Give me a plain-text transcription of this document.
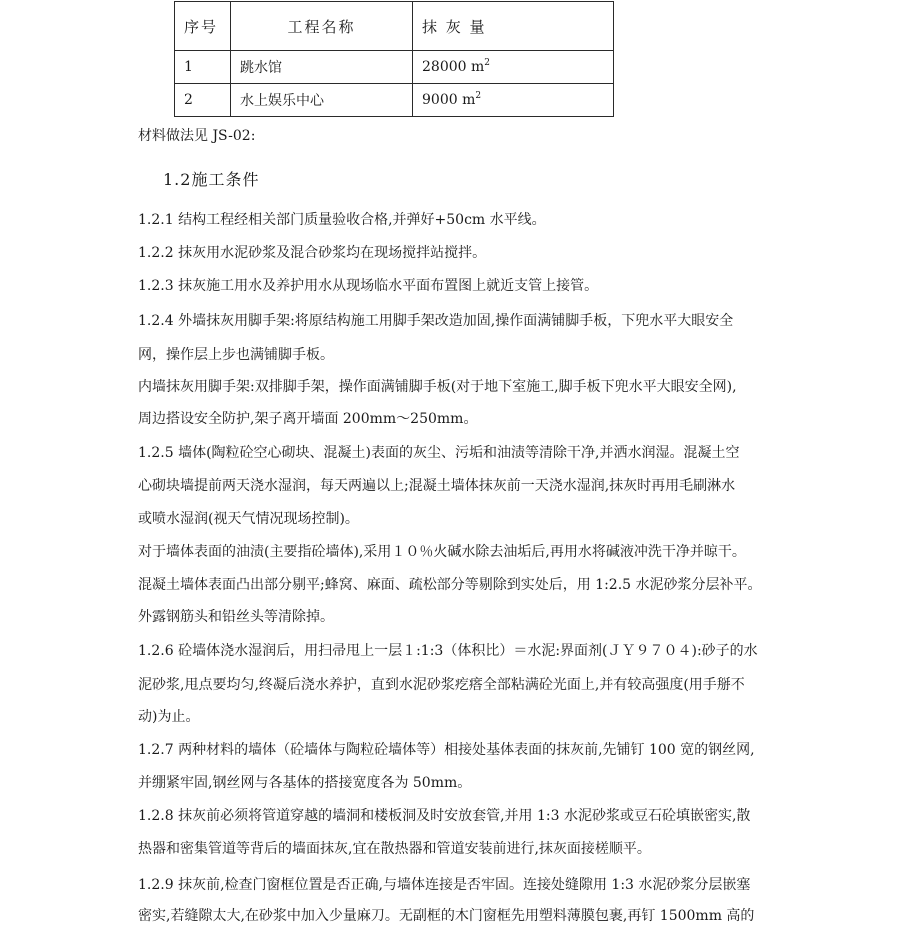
序号	工程名称	抹 灰 量
1	跳水馆	28000 $m^2$
2	水上娱乐中心	9000 $m^2$
材料做法见 JS-02:
1.2施工条件
1.2.1 结构工程经相关部门质量验收合格,并弹好+50cm 水平线。
1.2.2 抹灰用水泥砂浆及混合砂浆均在现场搅拌站搅拌。
1.2.3 抹灰施工用水及养护用水从现场临水平面布置图上就近支管上接管。
1.2.4 外墙抹灰用脚手架:将原结构施工用脚手架改造加固,操作面满铺脚手板，下兜水平大眼安全
网，操作层上步也满铺脚手板。
内墙抹灰用脚手架:双排脚手架，操作面满铺脚手板(对于地下室施工,脚手板下兜水平大眼安全网),
周边搭设安全防护,架子离开墙面 200mm～250mm。
1.2.5 墙体(陶粒砼空心砌块、混凝土)表面的灰尘、污垢和油渍等清除干净,并洒水润湿。混凝土空
心砌块墙提前两天浇水湿润，每天两遍以上;混凝土墙体抹灰前一天浇水湿润,抹灰时再用毛刷淋水
或喷水湿润(视天气情况现场控制)。
对于墙体表面的油渍(主要指砼墙体),采用１０％火碱水除去油垢后,再用水将碱液冲洗干净并晾干。
混凝土墙体表面凸出部分剔平;蜂窝、麻面、疏松部分等剔除到实处后，用 1:2.5 水泥砂浆分层补平。
外露钢筋头和铅丝头等清除掉。
1.2.6 砼墙体浇水湿润后，用扫帚甩上一层１:1:3（体积比）＝水泥:界面剂(ＪＹ９７０４):砂子的水
泥砂浆,甩点要均匀,终凝后浇水养护，直到水泥砂浆疙瘩全部粘满砼光面上,并有较高强度(用手掰不
动)为止。
1.2.7 两种材料的墙体（砼墙体与陶粒砼墙体等）相接处基体表面的抹灰前,先铺钉 100 宽的钢丝网,
并绷紧牢固,钢丝网与各基体的搭接宽度各为 50mm。
1.2.8 抹灰前必须将管道穿越的墙洞和楼板洞及时安放套管,并用 1:3 水泥砂浆或豆石砼填嵌密实,散
热器和密集管道等背后的墙面抹灰,宜在散热器和管道安装前进行,抹灰面接槎顺平。
1.2.9 抹灰前,检查门窗框位置是否正确,与墙体连接是否牢固。连接处缝隙用 1:3 水泥砂浆分层嵌塞
密实,若缝隙太大,在砂浆中加入少量麻刀。无副框的木门窗框先用塑料薄膜包裹,再钉 1500mm 高的
